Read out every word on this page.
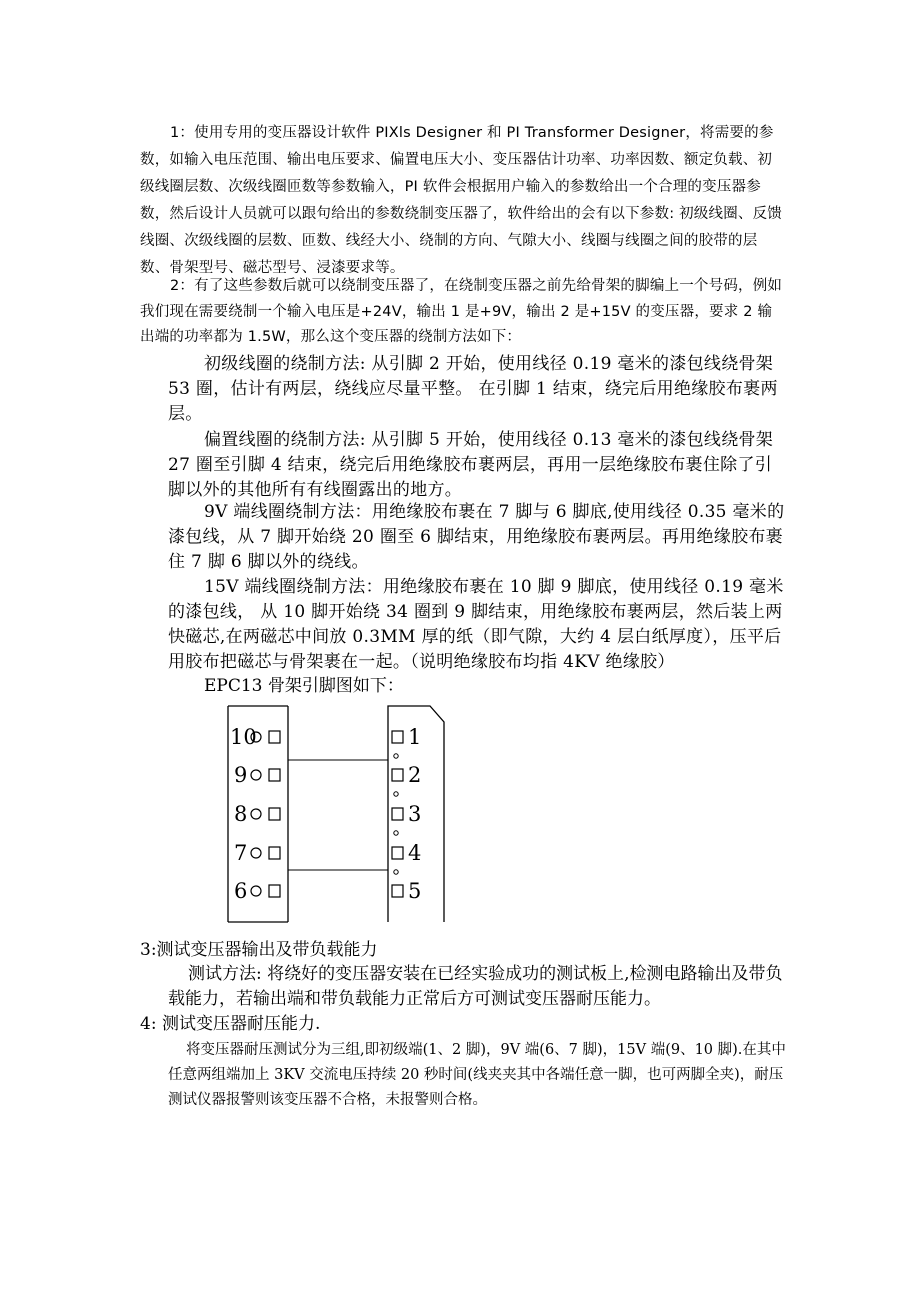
1：使用专用的变压器设计软件 PIXls Designer 和 PI Transformer Designer，将需要的参数，如输入电压范围、输出电压要求、偏置电压大小、变压器估计功率、功率因数、额定负载、初级线圈层数、次级线圈匝数等参数输入，PI 软件会根据用户输入的参数给出一个合理的变压器参数，然后设计人员就可以跟句给出的参数绕制变压器了，软件给出的会有以下参数: 初级线圈、反馈线圈、次级线圈的层数、匝数、线经大小、绕制的方向、气隙大小、线圈与线圈之间的胶带的层数、骨架型号、磁芯型号、浸漆要求等。

2：有了这些参数后就可以绕制变压器了，在绕制变压器之前先给骨架的脚编上一个号码，例如我们现在需要绕制一个输入电压是+24V，输出 1 是+9V，输出 2 是+15V 的变压器，要求 2 输出端的功率都为 1.5W，那么这个变压器的绕制方法如下：

初级线圈的绕制方法: 从引脚 2 开始，使用线径 0.19 毫米的漆包线绕骨架 53 圈，估计有两层，绕线应尽量平整。 在引脚 1 结束，绕完后用绝缘胶布裹两层。

偏置线圈的绕制方法: 从引脚 5 开始，使用线径 0.13 毫米的漆包线绕骨架 27 圈至引脚 4 结束，绕完后用绝缘胶布裹两层，再用一层绝缘胶布裹住除了引脚以外的其他所有有线圈露出的地方。

9V 端线圈绕制方法：用绝缘胶布裹在 7 脚与 6 脚底,使用线径 0.35 毫米的漆包线，从 7 脚开始绕 20 圈至 6 脚结束，用绝缘胶布裹两层。再用绝缘胶布裹住 7 脚 6 脚以外的绕线。

15V 端线圈绕制方法：用绝缘胶布裹在 10 脚 9 脚底，使用线径 0.19 毫米的漆包线， 从 10 脚开始绕 34 圈到 9 脚结束，用绝缘胶布裹两层，然后装上两快磁芯,在两磁芯中间放 0.3MM 厚的纸（即气隙，大约 4 层白纸厚度），压平后用胶布把磁芯与骨架裹在一起。（说明绝缘胶布均指 4KV 绝缘胶）

EPC13 骨架引脚图如下：

10
9
8
7
6
1
2
3
4
5

3:测试变压器输出及带负载能力

测试方法: 将绕好的变压器安装在已经实验成功的测试板上,检测电路输出及带负载能力，若输出端和带负载能力正常后方可测试变压器耐压能力。

4: 测试变压器耐压能力.

将变压器耐压测试分为三组,即初级端(1、2 脚)，9V 端(6、7 脚)，15V 端(9、10 脚).在其中任意两组端加上 3KV 交流电压持续 20 秒时间(线夹夹其中各端任意一脚，也可两脚全夹)，耐压测试仪器报警则该变压器不合格，未报警则合格。
